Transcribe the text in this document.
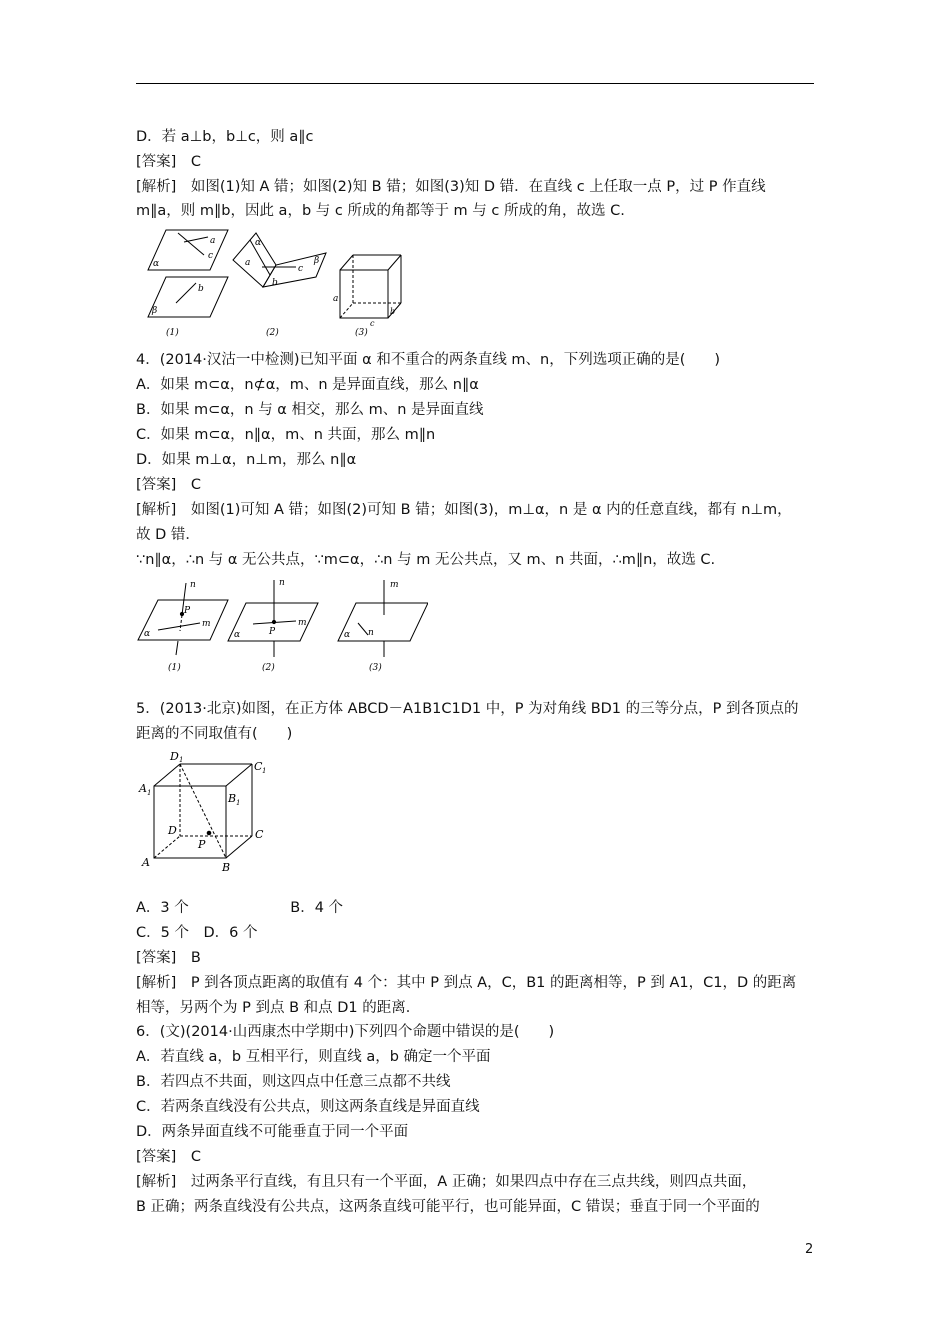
D．若 a⊥b，b⊥c，则 a∥c
[答案]　C
[解析]　如图(1)知 A 错；如图(2)知 B 错；如图(3)知 D 错．在直线 c 上任取一点 P，过 P 作直线
m∥a，则 m∥b，因此 a，b 与 c 所成的角都等于 m 与 c 所成的角，故选 C.
a
c
α
b
β
(1)
α
a
b
c
β
(2)
a
b
c
(3)
4．(2014·汉沽一中检测)已知平面 α 和不重合的两条直线 m、n，下列选项正确的是(　　)
A．如果 m⊂α，n⊄α，m、n 是异面直线，那么 n∥α
B．如果 m⊂α，n 与 α 相交，那么 m、n 是异面直线
C．如果 m⊂α，n∥α，m、n 共面，那么 m∥n
D．如果 m⊥α，n⊥m，那么 n∥α
[答案]　C
[解析]　如图(1)可知 A 错；如图(2)可知 B 错；如图(3)，m⊥α，n 是 α 内的任意直线，都有 n⊥m，
故 D 错．
∵n∥α，∴n 与 α 无公共点，∵m⊂α，∴n 与 m 无公共点，又 m、n 共面，∴m∥n，故选 C.
n
P
m
α
(1)
n
P
m
α
(2)
m
n
α
(3)
5．(2013·北京)如图，在正方体 ABCD－A1B1C1D1 中，P 为对角线 BD1 的三等分点，P 到各顶点的
距离的不同取值有(　　)
D 1	C 1
A 1	B 1
D	C
P
A	B
A．3 个　　　　　　　B．4 个
C．5 个　D．6 个
[答案]　B
[解析]　P 到各顶点距离的取值有 4 个：其中 P 到点 A，C，B1 的距离相等，P 到 A1，C1，D 的距离
相等，另两个为 P 到点 B 和点 D1 的距离．
6．(文)(2014·山西康杰中学期中)下列四个命题中错误的是(　　)
A．若直线 a，b 互相平行，则直线 a，b 确定一个平面
B．若四点不共面，则这四点中任意三点都不共线
C．若两条直线没有公共点，则这两条直线是异面直线
D．两条异面直线不可能垂直于同一个平面
[答案]　C
[解析]　过两条平行直线，有且只有一个平面，A 正确；如果四点中存在三点共线，则四点共面，
B 正确；两条直线没有公共点，这两条直线可能平行，也可能异面，C 错误；垂直于同一个平面的
2
